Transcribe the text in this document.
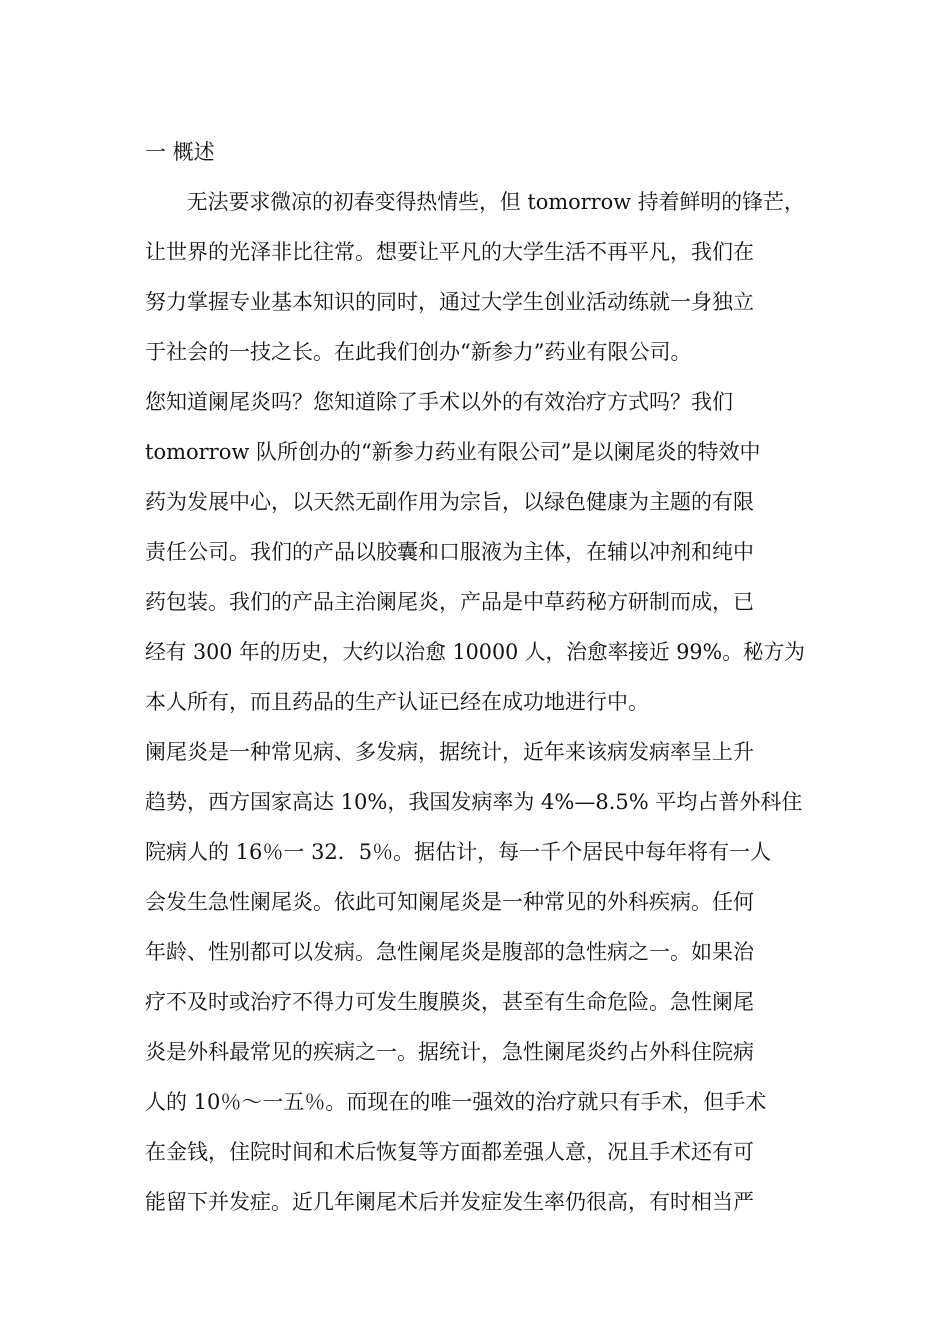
一 概述
　　无法要求微凉的初春变得热情些，但 tomorrow 持着鲜明的锋芒，
让世界的光泽非比往常。想要让平凡的大学生活不再平凡，我们在
努力掌握专业基本知识的同时，通过大学生创业活动练就一身独立
于社会的一技之长。在此我们创办“新参力”药业有限公司。
您知道阑尾炎吗？您知道除了手术以外的有效治疗方式吗？我们
tomorrow 队所创办的“新参力药业有限公司”是以阑尾炎的特效中
药为发展中心，以天然无副作用为宗旨，以绿色健康为主题的有限
责任公司。我们的产品以胶囊和口服液为主体，在辅以冲剂和纯中
药包装。我们的产品主治阑尾炎，产品是中草药秘方研制而成，已
经有 300 年的历史，大约以治愈 10000 人，治愈率接近 99%。秘方为
本人所有，而且药品的生产认证已经在成功地进行中。
阑尾炎是一种常见病、多发病，据统计，近年来该病发病率呈上升
趋势，西方国家高达 10%，我国发病率为 4%—8.5% 平均占普外科住
院病人的 16％一 32．5％。据估计，每一千个居民中每年将有一人
会发生急性阑尾炎。依此可知阑尾炎是一种常见的外科疾病。任何
年龄、性别都可以发病。急性阑尾炎是腹部的急性病之一。如果治
疗不及时或治疗不得力可发生腹膜炎，甚至有生命危险。急性阑尾
炎是外科最常见的疾病之一。据统计，急性阑尾炎约占外科住院病
人的 10％～一五％。而现在的唯一强效的治疗就只有手术，但手术
在金钱，住院时间和术后恢复等方面都差强人意，况且手术还有可
能留下并发症。近几年阑尾术后并发症发生率仍很高，有时相当严
